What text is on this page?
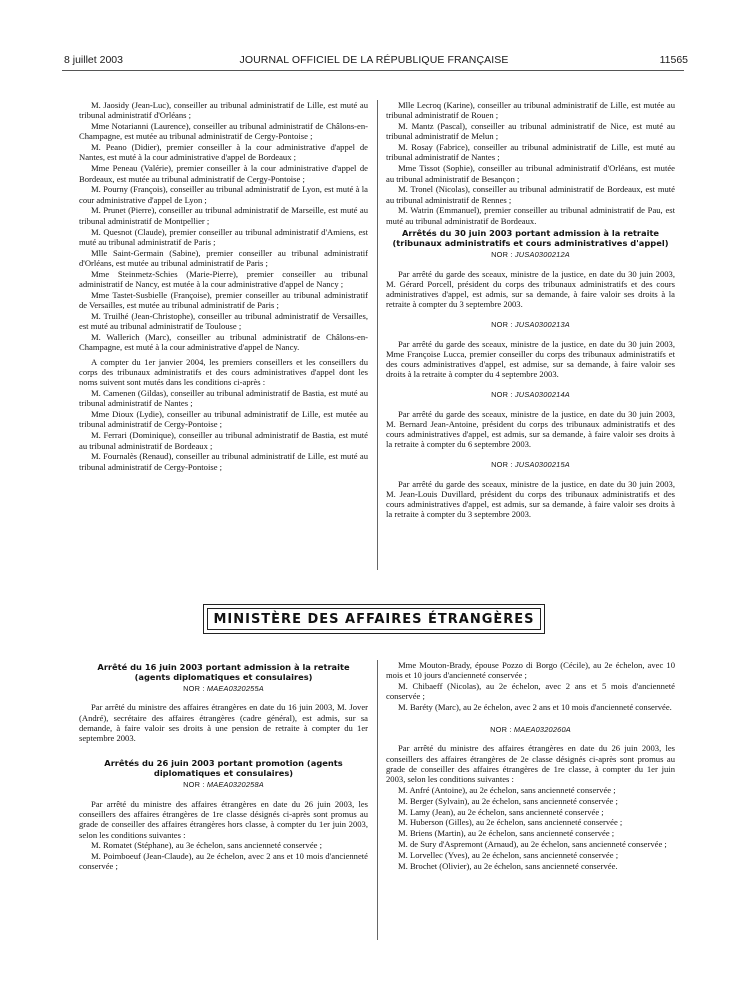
8 juillet 2003	JOURNAL OFFICIEL DE LA RÉPUBLIQUE FRANÇAISE	11565

M. Jaosidy (Jean-Luc), conseiller au tribunal administratif de Lille, est muté au tribunal administratif d'Orléans ;

Mme Notarianni (Laurence), conseiller au tribunal administratif de Châlons-en-Champagne, est mutée au tribunal administratif de Cergy-Pontoise ;

M. Peano (Didier), premier conseiller à la cour administrative d'appel de Nantes, est muté à la cour administrative d'appel de Bordeaux ;

Mme Peneau (Valérie), premier conseiller à la cour administrative d'appel de Bordeaux, est mutée au tribunal administratif de Cergy-Pontoise ;

M. Pourny (François), conseiller au tribunal administratif de Lyon, est muté à la cour administrative d'appel de Lyon ;

M. Prunet (Pierre), conseiller au tribunal administratif de Marseille, est muté au tribunal administratif de Montpellier ;

M. Quesnot (Claude), premier conseiller au tribunal administratif d'Amiens, est muté au tribunal administratif de Paris ;

Mlle Saint-Germain (Sabine), premier conseiller au tribunal administratif d'Orléans, est mutée au tribunal administratif de Paris ;

Mme Steinmetz-Schies (Marie-Pierre), premier conseiller au tribunal administratif de Nancy, est mutée à la cour administrative d'appel de Nancy ;

Mme Tastet-Susbielle (Françoise), premier conseiller au tribunal administratif de Versailles, est mutée au tribunal administratif de Paris ;

M. Truilhé (Jean-Christophe), conseiller au tribunal administratif de Versailles, est muté au tribunal administratif de Toulouse ;

M. Wallerich (Marc), conseiller au tribunal administratif de Châlons-en-Champagne, est muté à la cour administrative d'appel de Nancy.

A compter du 1er janvier 2004, les premiers conseillers et les conseillers du corps des tribunaux administratifs et des cours administratives d'appel dont les noms suivent sont mutés dans les conditions ci-après :

M. Camenen (Gildas), conseiller au tribunal administratif de Bastia, est muté au tribunal administratif de Nantes ;

Mme Dioux (Lydie), conseiller au tribunal administratif de Lille, est mutée au tribunal administratif de Cergy-Pontoise ;

M. Ferrari (Dominique), conseiller au tribunal administratif de Bastia, est muté au tribunal administratif de Bordeaux ;

M. Fournalès (Renaud), conseiller au tribunal administratif de Lille, est muté au tribunal administratif de Cergy-Pontoise ;

Mlle Lecroq (Karine), conseiller au tribunal administratif de Lille, est mutée au tribunal administratif de Rouen ;

M. Mantz (Pascal), conseiller au tribunal administratif de Nice, est muté au tribunal administratif de Melun ;

M. Rosay (Fabrice), conseiller au tribunal administratif de Lille, est muté au tribunal administratif de Nantes ;

Mme Tissot (Sophie), conseiller au tribunal administratif d'Orléans, est mutée au tribunal administratif de Besançon ;

M. Tronel (Nicolas), conseiller au tribunal administratif de Bordeaux, est muté au tribunal administratif de Rennes ;

M. Watrin (Emmanuel), premier conseiller au tribunal administratif de Pau, est muté au tribunal administratif de Bordeaux.

Arrêtés du 30 juin 2003 portant admission à la retraite (tribunaux administratifs et cours administratives d'appel)
NOR : JUSA0300212A

Par arrêté du garde des sceaux, ministre de la justice, en date du 30 juin 2003, M. Gérard Porcell, président du corps des tribunaux administratifs et des cours administratives d'appel, est admis, sur sa demande, à faire valoir ses droits à la retraite à compter du 3 septembre 2003.

NOR : JUSA0300213A

Par arrêté du garde des sceaux, ministre de la justice, en date du 30 juin 2003, Mme Françoise Lucca, premier conseiller du corps des tribunaux administratifs et des cours administratives d'appel, est admise, sur sa demande, à faire valoir ses droits à la retraite à compter du 4 septembre 2003.

NOR : JUSA0300214A

Par arrêté du garde des sceaux, ministre de la justice, en date du 30 juin 2003, M. Bernard Jean-Antoine, président du corps des tribunaux administratifs et des cours administratives d'appel, est admis, sur sa demande, à faire valoir ses droits à la retraite à compter du 6 septembre 2003.

NOR : JUSA0300215A

Par arrêté du garde des sceaux, ministre de la justice, en date du 30 juin 2003, M. Jean-Louis Duvillard, président du corps des tribunaux administratifs et des cours administratives d'appel, est admis, sur sa demande, à faire valoir ses droits à la retraite à compter du 3 septembre 2003.

MINISTÈRE DES AFFAIRES ÉTRANGÈRES
Arrêté du 16 juin 2003 portant admission à la retraite (agents diplomatiques et consulaires)
NOR : MAEA0320255A

Par arrêté du ministre des affaires étrangères en date du 16 juin 2003, M. Jover (André), secrétaire des affaires étrangères (cadre général), est admis, sur sa demande, à faire valoir ses droits à une pension de retraite à compter du 1er septembre 2003.

Arrêtés du 26 juin 2003 portant promotion (agents diplomatiques et consulaires)
NOR : MAEA0320258A

Par arrêté du ministre des affaires étrangères en date du 26 juin 2003, les conseillers des affaires étrangères de 1re classe désignés ci-après sont promus au grade de conseiller des affaires étrangères hors classe, à compter du 1er juin 2003, selon les conditions suivantes :

M. Romatet (Stéphane), au 3e échelon, sans ancienneté conservée ;

M. Poimboeuf (Jean-Claude), au 2e échelon, avec 2 ans et 10 mois d'ancienneté conservée ;

Mme Mouton-Brady, épouse Pozzo di Borgo (Cécile), au 2e échelon, avec 10 mois et 10 jours d'ancienneté conservée ;

M. Chibaeff (Nicolas), au 2e échelon, avec 2 ans et 5 mois d'ancienneté conservée ;

M. Baréty (Marc), au 2e échelon, avec 2 ans et 10 mois d'ancienneté conservée.

NOR : MAEA0320260A

Par arrêté du ministre des affaires étrangères en date du 26 juin 2003, les conseillers des affaires étrangères de 2e classe désignés ci-après sont promus au grade de conseiller des affaires étrangères de 1re classe, à compter du 1er juin 2003, selon les conditions suivantes :

M. Anfré (Antoine), au 2e échelon, sans ancienneté conservée ;

M. Berger (Sylvain), au 2e échelon, sans ancienneté conservée ;

M. Lamy (Jean), au 2e échelon, sans ancienneté conservée ;

M. Huberson (Gilles), au 2e échelon, sans ancienneté conservée ;

M. Briens (Martin), au 2e échelon, sans ancienneté conservée ;

M. de Sury d'Aspremont (Arnaud), au 2e échelon, sans ancienneté conservée ;

M. Lorvellec (Yves), au 2e échelon, sans ancienneté conservée ;

M. Brochet (Olivier), au 2e échelon, sans ancienneté conservée.
